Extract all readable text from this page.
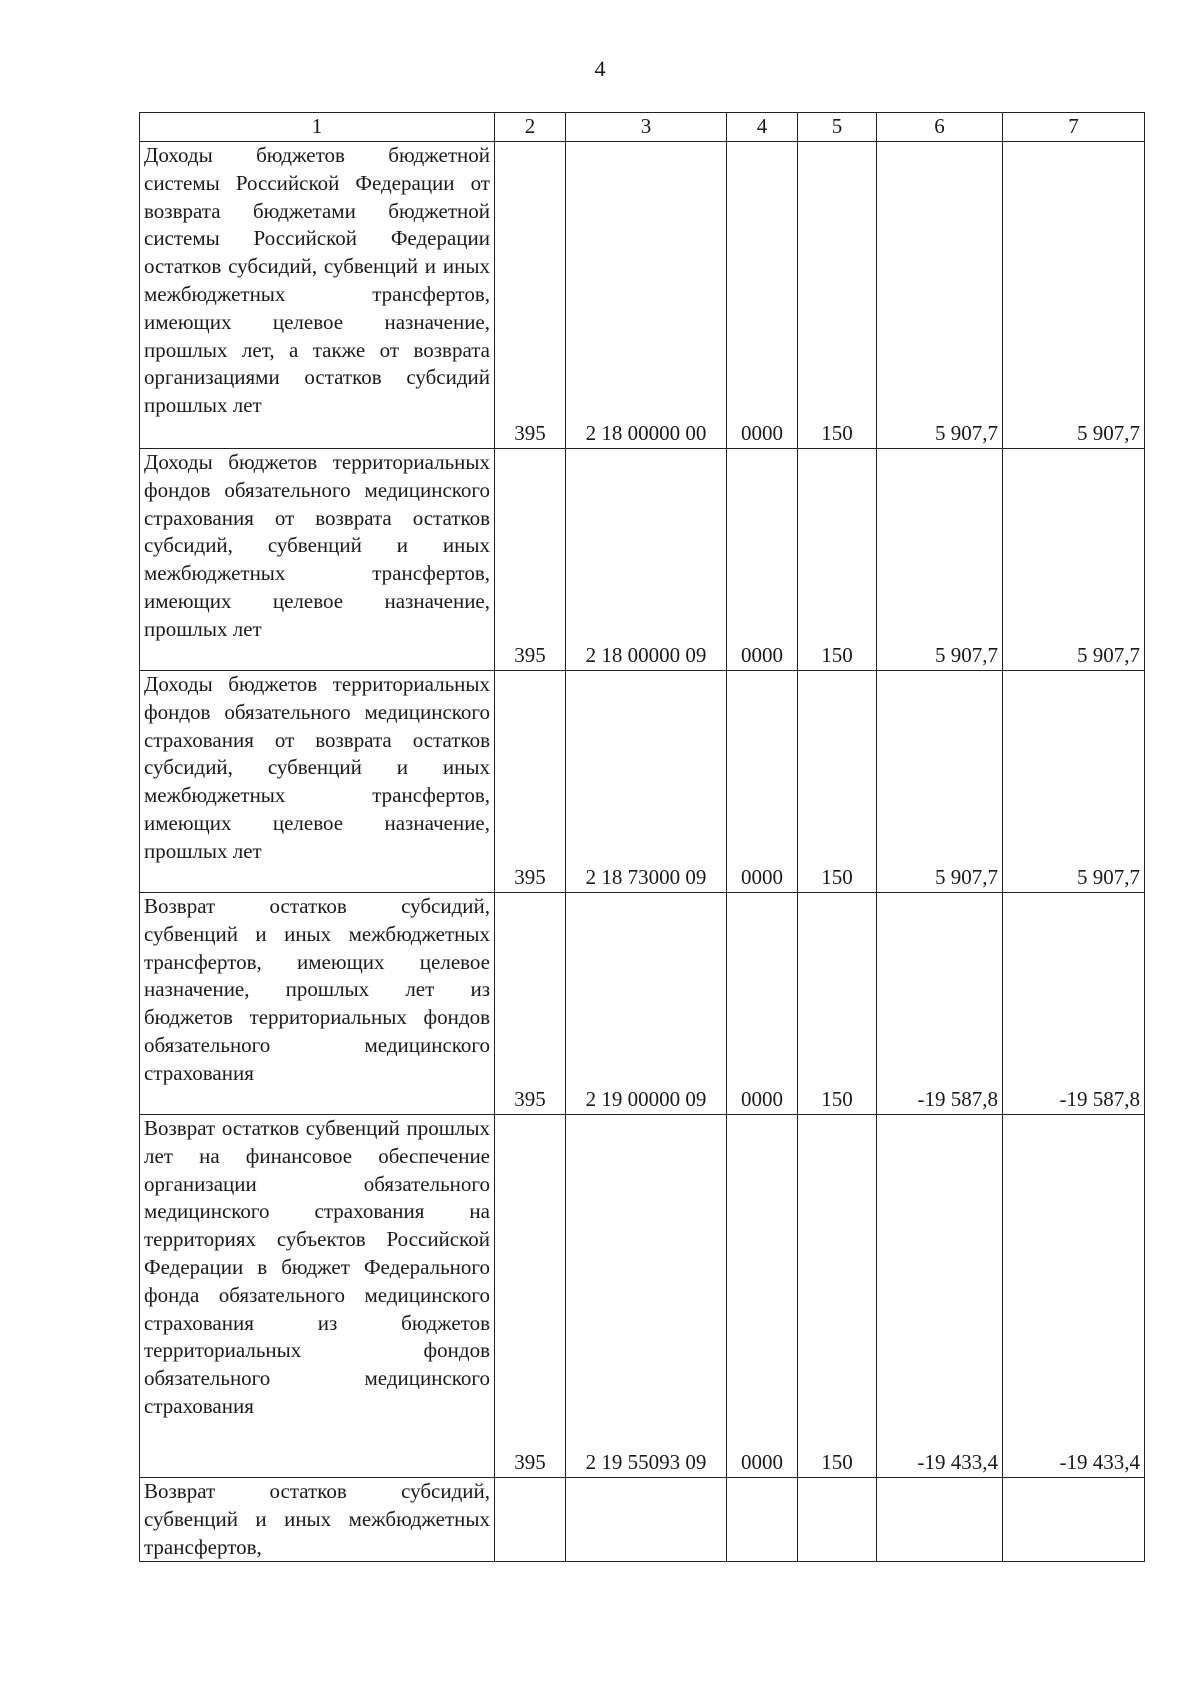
4
1	2	3	4	5	6	7
Доходы бюджетов бюджетной системы Российской Федерации от возврата бюджетами бюджетной системы Российской Федерации остатков субсидий, субвенций и иных межбюджетных трансфертов, имеющих целевое назначение, прошлых лет, а также от возврата организациями остатков субсидий прошлых лет	395	2 18 00000 00	0000	150	5 907,7	5 907,7
Доходы бюджетов территориальных фондов обязательного медицинского страхования от возврата остатков субсидий, субвенций и иных межбюджетных трансфертов, имеющих целевое назначение, прошлых лет	395	2 18 00000 09	0000	150	5 907,7	5 907,7
Доходы бюджетов территориальных фондов обязательного медицинского страхования от возврата остатков субсидий, субвенций и иных межбюджетных трансфертов, имеющих целевое назначение, прошлых лет	395	2 18 73000 09	0000	150	5 907,7	5 907,7
Возврат остатков субсидий, субвенций и иных межбюджетных трансфертов, имеющих целевое назначение, прошлых лет из бюджетов территориальных фондов обязательного медицинского страхования	395	2 19 00000 09	0000	150	-19 587,8	-19 587,8
Возврат остатков субвенций прошлых лет на финансовое обеспечение организации обязательного медицинского страхования на территориях субъектов Российской Федерации в бюджет Федерального фонда обязательного медицинского страхования из бюджетов территориальных фондов обязательного медицинского страхования	395	2 19 55093 09	0000	150	-19 433,4	-19 433,4
Возврат остатков субсидий, субвенций и иных межбюджетных трансфертов,						
